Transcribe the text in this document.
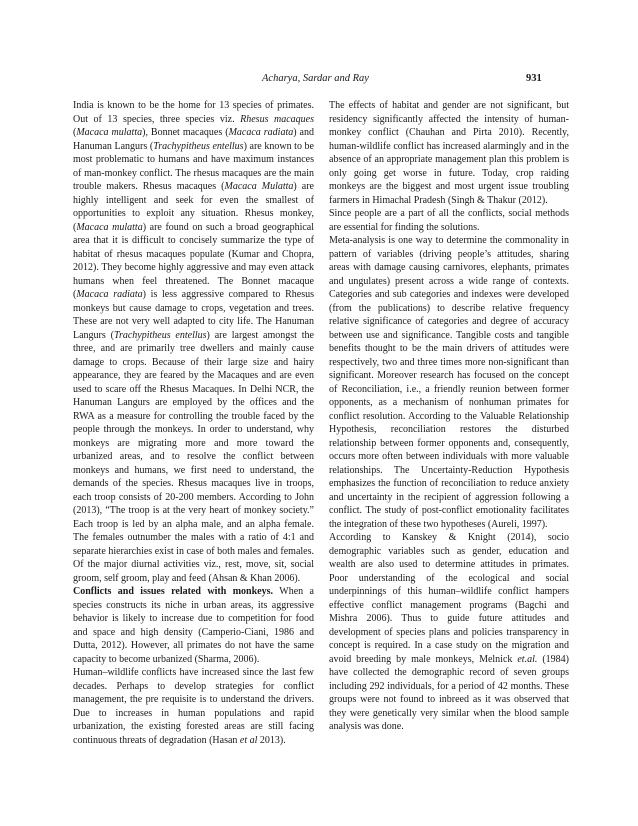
Acharya, Sardar and Ray	931

India is known to be the home for 13 species of primates. Out of 13 species, three species viz. Rhesus macaques (Macaca mulatta), Bonnet macaques (Macaca radiata) and Hanuman Langurs (Trachypitheus entellus) are known to be most problematic to humans and have maximum instances of man-monkey conflict. The rhesus macaques are the main trouble makers. Rhesus macaques (Macaca Mulatta) are highly intelligent and seek for even the smallest of opportunities to exploit any situation. Rhesus monkey, (Macaca mulatta) are found on such a broad geographical area that it is difficult to concisely summarize the type of habitat of rhesus macaques populate (Kumar and Chopra, 2012). They become highly aggressive and may even attack humans when feel threatened. The Bonnet macaque (Macaca radiata) is less aggressive compared to Rhesus monkeys but cause damage to crops, vegetation and trees. These are not very well adapted to city life. The Hanuman Langurs (Trachypitheus entellus) are largest amongst the three, and are primarily tree dwellers and mainly cause damage to crops. Because of their large size and hairy appearance, they are feared by the Macaques and are even used to scare off the Rhesus Macaques. In Delhi NCR, the Hanuman Langurs are employed by the offices and the RWA as a measure for controlling the trouble faced by the people through the monkeys. In order to understand, why monkeys are migrating more and more toward the urbanized areas, and to resolve the conflict between monkeys and humans, we first need to understand, the demands of the species. Rhesus macaques live in troops, each troop consists of 20-200 members. According to John (2013), “The troop is at the very heart of monkey society.” Each troop is led by an alpha male, and an alpha female. The females outnumber the males with a ratio of 4:1 and separate hierarchies exist in case of both males and females. Of the major diurnal activities viz., rest, move, sit, social groom, self groom, play and feed (Ahsan & Khan 2006).

Conflicts and issues related with monkeys. When a species constructs its niche in urban areas, its aggressive behavior is likely to increase due to competition for food and space and high density (Camperio-Ciani, 1986 and Dutta, 2012). However, all primates do not have the same capacity to become urbanized (Sharma, 2006).

Human–wildlife conflicts have increased since the last few decades. Perhaps to develop strategies for conflict management, the pre requisite is to understand the drivers. Due to increases in human populations and rapid urbanization, the existing forested areas are still facing continuous threats of degradation (Hasan et al 2013).

The effects of habitat and gender are not significant, but residency significantly affected the intensity of human-monkey conflict (Chauhan and Pirta 2010). Recently, human-wildlife conflict has increased alarmingly and in the absence of an appropriate management plan this problem is only going get worse in future. Today, crop raiding monkeys are the biggest and most urgent issue troubling farmers in Himachal Pradesh (Singh & Thakur (2012).

Since people are a part of all the conflicts, social methods are essential for finding the solutions.

Meta-analysis is one way to determine the commonality in pattern of variables (driving people’s attitudes, sharing areas with damage causing carnivores, elephants, primates and ungulates) present across a wide range of contexts. Categories and sub categories and indexes were developed (from the publications) to describe relative frequency relative significance of categories and degree of accuracy between use and significance. Tangible costs and tangible benefits thought to be the main drivers of attitudes were respectively, two and three times more non-significant than significant. Moreover research has focused on the concept of Reconciliation, i.e., a friendly reunion between former opponents, as a mechanism of nonhuman primates for conflict resolution. According to the Valuable Relationship Hypothesis, reconciliation restores the disturbed relationship between former opponents and, consequently, occurs more often between individuals with more valuable relationships. The Uncertainty-Reduction Hypothesis emphasizes the function of reconciliation to reduce anxiety and uncertainty in the recipient of aggression following a conflict. The study of post-conflict emotionality facilitates the integration of these two hypotheses (Aureli, 1997).

According to Kanskey & Knight (2014), socio demographic variables such as gender, education and wealth are also used to determine attitudes in primates. Poor understanding of the ecological and social underpinnings of this human–wildlife conflict hampers effective conflict management programs (Bagchi and Mishra 2006). Thus to guide future attitudes and development of species plans and policies transparency in concept is required. In a case study on the migration and avoid breeding by male monkeys, Melnick et.al. (1984) have collected the demographic record of seven groups including 292 individuals, for a period of 42 months. These groups were not found to inbreed as it was observed that they were genetically very similar when the blood sample analysis was done.
